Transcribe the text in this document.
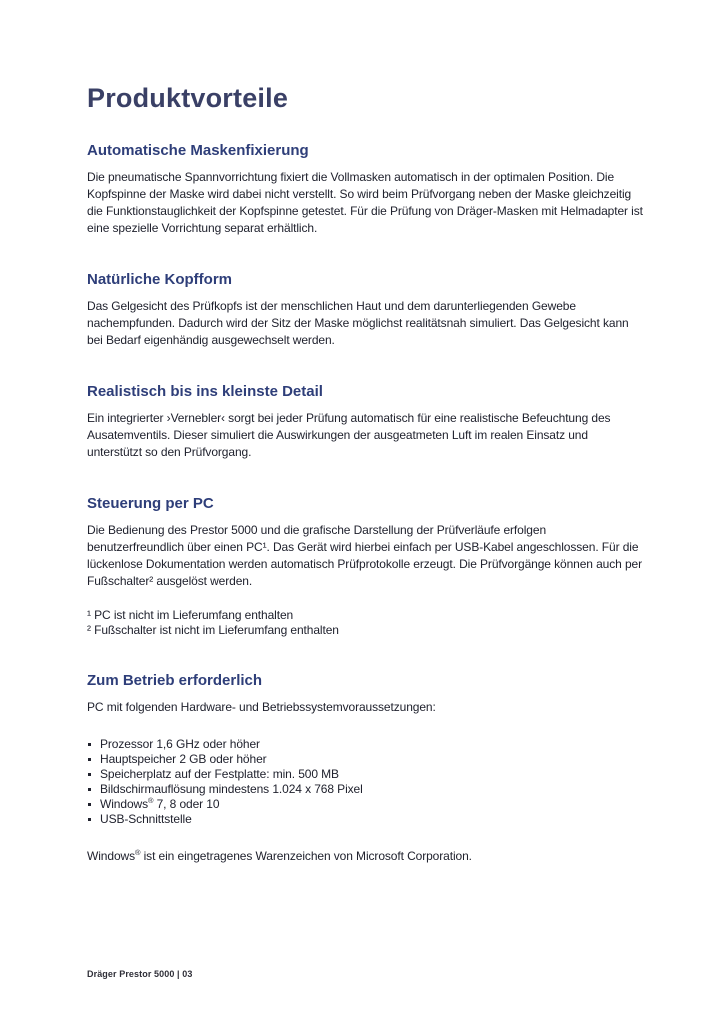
Produktvorteile
Automatische Maskenfixierung

Die pneumatische Spannvorrichtung fixiert die Vollmasken automatisch in der optimalen Position. Die Kopfspinne der Maske wird dabei nicht verstellt. So wird beim Prüfvorgang neben der Maske gleichzeitig die Funktionstauglichkeit der Kopfspinne getestet. Für die Prüfung von Dräger-Masken mit Helmadapter ist eine spezielle Vorrichtung separat erhältlich.

Natürliche Kopfform

Das Gelgesicht des Prüfkopfs ist der menschlichen Haut und dem darunterliegenden Gewebe nachempfunden. Dadurch wird der Sitz der Maske möglichst realitätsnah simuliert. Das Gelgesicht kann bei Bedarf eigenhändig ausgewechselt werden.

Realistisch bis ins kleinste Detail

Ein integrierter ›Vernebler‹ sorgt bei jeder Prüfung automatisch für eine realistische Befeuchtung des Ausatemventils. Dieser simuliert die Auswirkungen der ausgeatmeten Luft im realen Einsatz und unterstützt so den Prüfvorgang.

Steuerung per PC

Die Bedienung des Prestor 5000 und die grafische Darstellung der Prüfverläufe erfolgen benutzerfreundlich über einen PC¹. Das Gerät wird hierbei einfach per USB-Kabel angeschlossen. Für die lückenlose Dokumentation werden automatisch Prüfprotokolle erzeugt. Die Prüfvorgänge können auch per Fußschalter² ausgelöst werden.

¹ PC ist nicht im Lieferumfang enthalten

² Fußschalter ist nicht im Lieferumfang enthalten

Zum Betrieb erforderlich

PC mit folgenden Hardware- und Betriebssystemvoraussetzungen:

Prozessor 1,6 GHz oder höher
Hauptspeicher 2 GB oder höher
Speicherplatz auf der Festplatte: min. 500 MB
Bildschirmauflösung mindestens 1.024 x 768 Pixel
Windows® 7, 8 oder 10
USB-Schnittstelle

Windows® ist ein eingetragenes Warenzeichen von Microsoft Corporation.

Dräger Prestor 5000 | 03
